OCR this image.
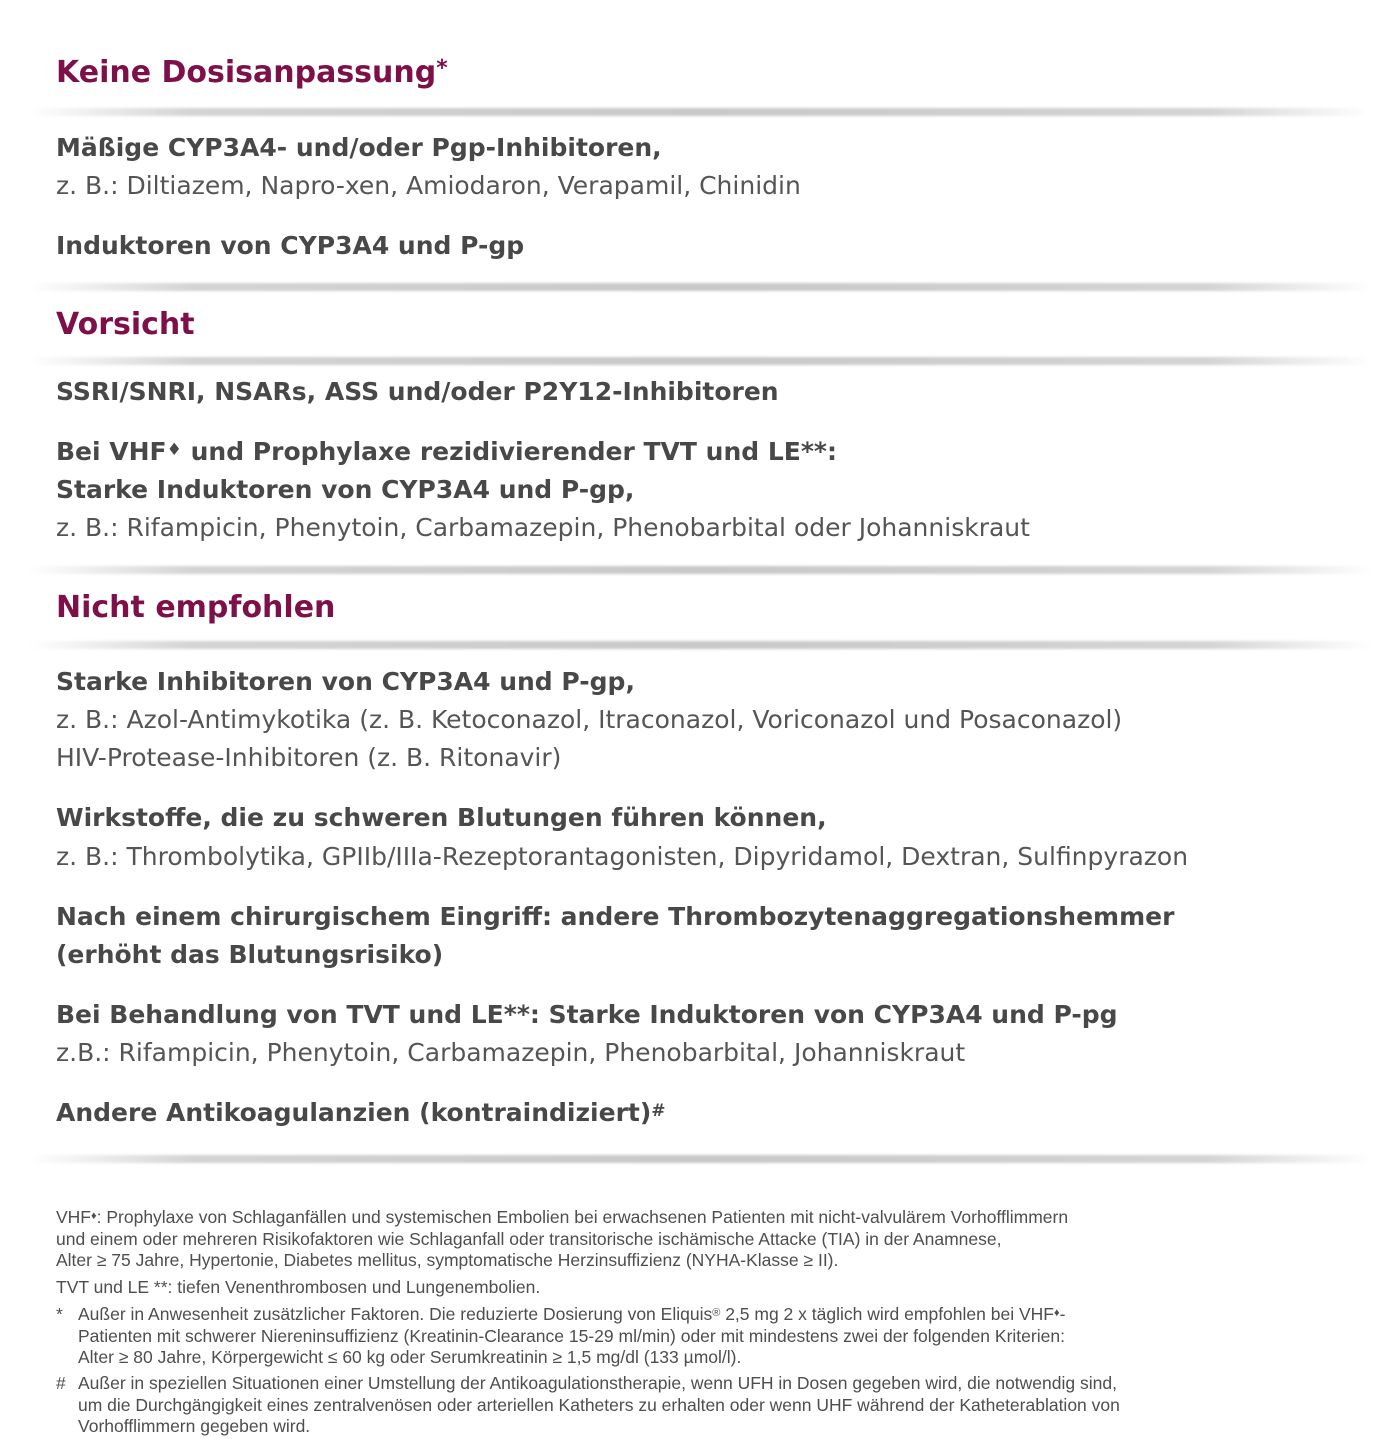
Keine Dosisanpassung*
Mäßige CYP3A4- und/oder Pgp-Inhibitoren,
z. B.: Diltiazem, Napro-xen, Amiodaron, Verapamil, Chinidin
Induktoren von CYP3A4 und P-gp
Vorsicht
SSRI/SNRI, NSARs, ASS und/oder P2Y12-Inhibitoren
Bei VHF♦ und Prophylaxe rezidivierender TVT und LE**:
Starke Induktoren von CYP3A4 und P-gp,
z. B.: Rifampicin, Phenytoin, Carbamazepin, Phenobarbital oder Johanniskraut
Nicht empfohlen
Starke Inhibitoren von CYP3A4 und P-gp,
z. B.: Azol-Antimykotika (z. B. Ketoconazol, Itraconazol, Voriconazol und Posaconazol)
HIV-Protease-Inhibitoren (z. B. Ritonavir)
Wirkstoffe, die zu schweren Blutungen führen können,
z. B.: Thrombolytika, GPIIb/IIIa-Rezeptorantagonisten, Dipyridamol, Dextran, Sulfinpyrazon
Nach einem chirurgischem Eingriff: andere Thrombozytenaggregationshemmer
(erhöht das Blutungsrisiko)
Bei Behandlung von TVT und LE**: Starke Induktoren von CYP3A4 und P-pg
z.B.: Rifampicin, Phenytoin, Carbamazepin, Phenobarbital, Johanniskraut
Andere Antikoagulanzien (kontraindiziert)#
VHF♦: Prophylaxe von Schlaganfällen und systemischen Embolien bei erwachsenen Patienten mit nicht-valvulärem Vorhofflimmern
und einem oder mehreren Risikofaktoren wie Schlaganfall oder transitorische ischämische Attacke (TIA) in der Anamnese,
Alter ≥ 75 Jahre, Hypertonie, Diabetes mellitus, symptomatische Herzinsuffizienz (NYHA-Klasse ≥ II).
TVT und LE **: tiefen Venenthrombosen und Lungenembolien.
* Außer in Anwesenheit zusätzlicher Faktoren. Die reduzierte Dosierung von Eliquis® 2,5 mg 2 x täglich wird empfohlen bei VHF♦-
Patienten mit schwerer Niereninsuffizienz (Kreatinin-Clearance 15-29 ml/min) oder mit mindestens zwei der folgenden Kriterien:
Alter ≥ 80 Jahre, Körpergewicht ≤ 60 kg oder Serumkreatinin ≥ 1,5 mg/dl (133 µmol/l).
# Außer in speziellen Situationen einer Umstellung der Antikoagulationstherapie, wenn UFH in Dosen gegeben wird, die notwendig sind,
um die Durchgängigkeit eines zentralvenösen oder arteriellen Katheters zu erhalten oder wenn UHF während der Katheterablation von
Vorhofflimmern gegeben wird.
